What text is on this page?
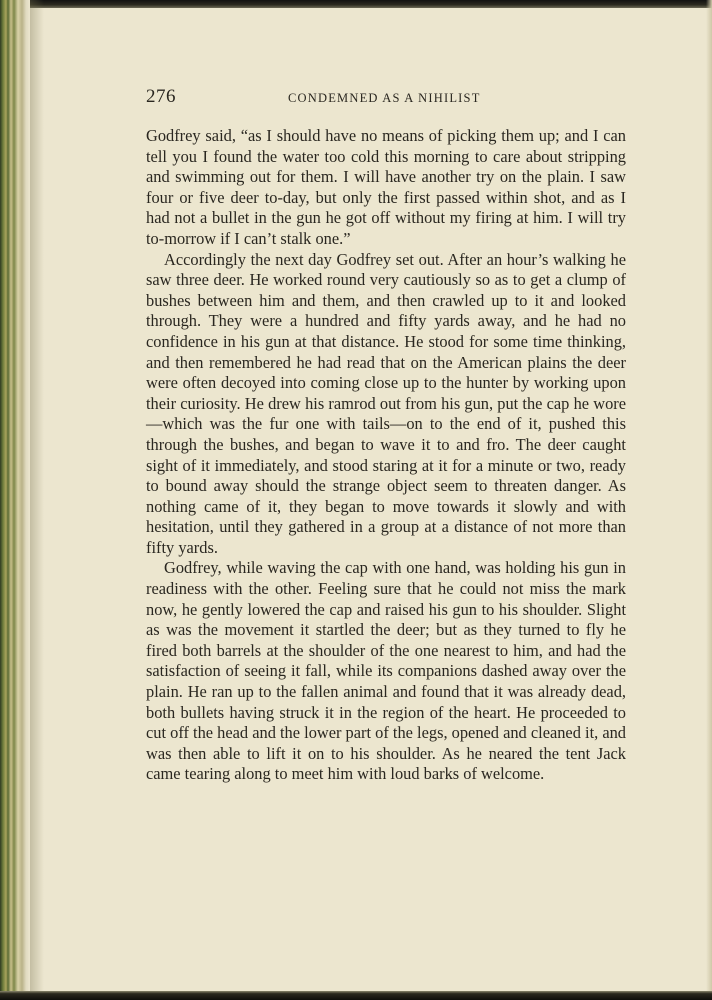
276	CONDEMNED AS A NIHILIST

Godfrey said, “as I should have no means of picking them up; and I can tell you I found the water too cold this morning to care about stripping and swimming out for them. I will have another try on the plain. I saw four or five deer to-day, but only the first passed within shot, and as I had not a bullet in the gun he got off without my firing at him. I will try to-morrow if I can’t stalk one.”

Accordingly the next day Godfrey set out. After an hour’s walking he saw three deer. He worked round very cautiously so as to get a clump of bushes between him and them, and then crawled up to it and looked through. They were a hundred and fifty yards away, and he had no confidence in his gun at that distance. He stood for some time thinking, and then remembered he had read that on the American plains the deer were often decoyed into coming close up to the hunter by working upon their curiosity. He drew his ramrod out from his gun, put the cap he wore—which was the fur one with tails—on to the end of it, pushed this through the bushes, and began to wave it to and fro. The deer caught sight of it immediately, and stood staring at it for a minute or two, ready to bound away should the strange object seem to threaten danger. As nothing came of it, they began to move towards it slowly and with hesitation, until they gathered in a group at a distance of not more than fifty yards.

Godfrey, while waving the cap with one hand, was holding his gun in readiness with the other. Feeling sure that he could not miss the mark now, he gently lowered the cap and raised his gun to his shoulder. Slight as was the movement it startled the deer; but as they turned to fly he fired both barrels at the shoulder of the one nearest to him, and had the satisfaction of seeing it fall, while its companions dashed away over the plain. He ran up to the fallen animal and found that it was already dead, both bullets having struck it in the region of the heart. He proceeded to cut off the head and the lower part of the legs, opened and cleaned it, and was then able to lift it on to his shoulder. As he neared the tent Jack came tearing along to meet him with loud barks of welcome.
